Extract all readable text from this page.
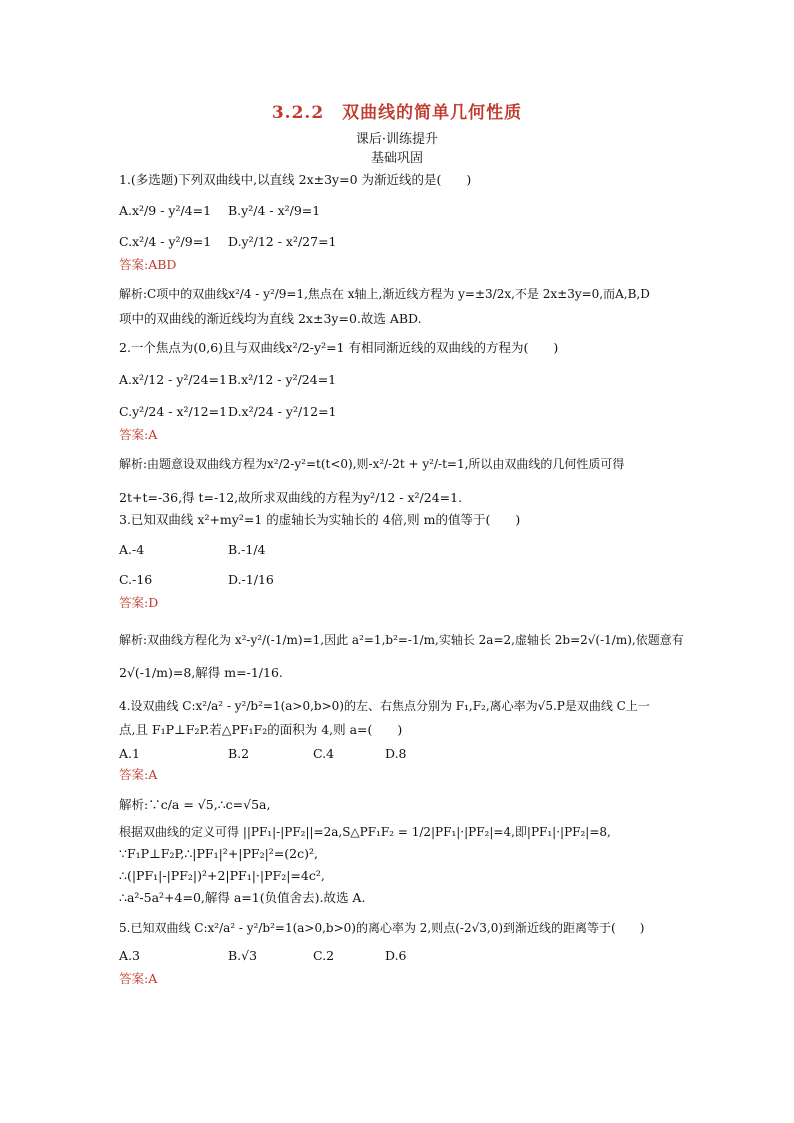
3.2.2　双曲线的简单几何性质
课后·训练提升
基础巩固
1.(多选题)下列双曲线中,以直线 2x±3y=0 为渐近线的是(　　)
A.x²/9 - y²/4=1 B.y²/4 - x²/9=1
C.x²/4 - y²/9=1 D.y²/12 - x²/27=1
答案:ABD
解析:C项中的双曲线x²/4 - y²/9=1,焦点在 x轴上,渐近线方程为 y=±3/2x,不是 2x±3y=0,而A,B,D
项中的双曲线的渐近线均为直线 2x±3y=0.故选 ABD.
2.一个焦点为(0,6)且与双曲线x²/2-y²=1 有相同渐近线的双曲线的方程为(　　)
A.x²/12 - y²/24=1 B.x²/12 - y²/24=1
C.y²/24 - x²/12=1 D.x²/24 - y²/12=1
答案:A
解析:由题意设双曲线方程为x²/2-y²=t(t<0),则-x²/-2t + y²/-t=1,所以由双曲线的几何性质可得
2t+t=-36,得 t=-12,故所求双曲线的方程为y²/12 - x²/24=1.
3.已知双曲线 x²+my²=1 的虚轴长为实轴长的 4倍,则 m的值等于(　　)
A.-4	B.-1/4
C.-16	D.-1/16
答案:D
解析:双曲线方程化为 x²-y²/(-1/m)=1,因此 a²=1,b²=-1/m,实轴长 2a=2,虚轴长 2b=2√(-1/m),依题意有
2√(-1/m)=8,解得 m=-1/16.
4.设双曲线 C:x²/a² - y²/b²=1(a>0,b>0)的左、右焦点分别为 F₁,F₂,离心率为√5.P是双曲线 C上一
点,且 F₁P⊥F₂P.若△PF₁F₂的面积为 4,则 a=(　　)
A.1	B.2	C.4	D.8
答案:A
解析:∵c/a = √5,∴c=√5a,
根据双曲线的定义可得 ||PF₁|-|PF₂||=2a,S△PF₁F₂ = 1/2|PF₁|·|PF₂|=4,即|PF₁|·|PF₂|=8,
∵F₁P⊥F₂P,∴|PF₁|²+|PF₂|²=(2c)²,
∴(|PF₁|-|PF₂|)²+2|PF₁|·|PF₂|=4c²,
∴a²-5a²+4=0,解得 a=1(负值舍去).故选 A.
5.已知双曲线 C:x²/a² - y²/b²=1(a>0,b>0)的离心率为 2,则点(-2√3,0)到渐近线的距离等于(　　)
A.3	B.√3	C.2	D.6
答案:A
